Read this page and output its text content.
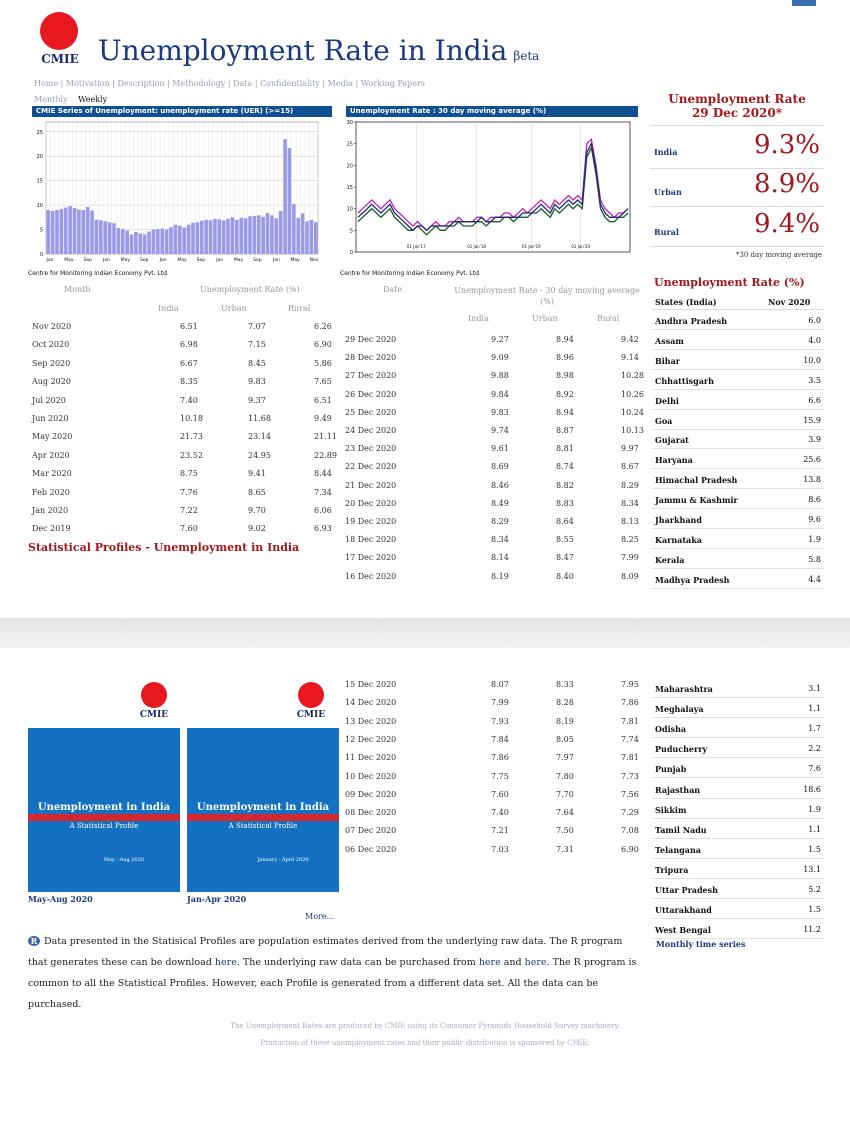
CMIE Unemployment Rate in India βeta
Home | Motivation | Description | Methodology | Data | Confidentiality | Media | Working Papers
Monthly Weekly
CMIE Series of Unemployment: unemployment rate (UER) (>=15)
0
5
10
15
20
25
Jan May Sep Jan May Sep Jan May Sep Jan May Sep Jan May Nov
Centre for Monitoring Indian Economy Pvt. Ltd.
Unemployment Rate : 30 day moving average (%)
0
5
10
15
20
25
30
01 Jan'17	01 Jan'18	01 Jan'19	01 Jan'20
Centre for Monitoring Indian Economy Pvt. Ltd.
Month	Unemployment Rate (%)
India	Urban	Rural
Nov 2020	6.51	7.07	6.26
Oct 2020	6.98	7.15	6.90
Sep 2020	6.67	8.45	5.86
Aug 2020	8.35	9.83	7.65
Jul 2020	7.40	9.37	6.51
Jun 2020	10.18	11.68	9.49
May 2020	21.73	23.14	21.11
Apr 2020	23.52	24.95	22.89
Mar 2020	8.75	9.41	8.44
Feb 2020	7.76	8.65	7.34
Jan 2020	7.22	9.70	6.06
Dec 2019	7.60	9.02	6.93
Statistical Profiles - Unemployment in India
Date	Unemployment Rate - 30 day moving average (%)
India	Urban	Rural
29 Dec 2020	9.27	8.94	9.42
28 Dec 2020	9.09	8.96	9.14
27 Dec 2020	9.88	8.98	10.28
26 Dec 2020	9.84	8.92	10.26
25 Dec 2020	9.83	8.94	10.24
24 Dec 2020	9.74	8.87	10.13
23 Dec 2020	9.61	8.81	9.97
22 Dec 2020	8.69	8.74	8.67
21 Dec 2020	8.46	8.82	8.29
20 Dec 2020	8.49	8.83	8.34
19 Dec 2020	8.29	8.64	8.13
18 Dec 2020	8.34	8.55	8.25
17 Dec 2020	8.14	8.47	7.99
16 Dec 2020	8.19	8.40	8.09
Unemployment Rate
29 Dec 2020*
India	9.3%
Urban	8.9%
Rural	9.4%
*30 day moving average
Unemployment Rate (%)
States (India)	Nov 2020
Andhra Pradesh	6.0
Assam	4.0
Bihar	10.0
Chhattisgarh	3.5
Delhi	6.6
Goa	15.9
Gujarat	3.9
Haryana	25.6
Himachal Pradesh	13.8
Jammu & Kashmir	8.6
Jharkhand	9.6
Karnataka	1.9
Kerala	5.8
Madhya Pradesh	4.4
CMIE
Unemployment in India
A Statistical Profile
May - Aug 2020
May-Aug 2020
CMIE
Unemployment in India
A Statistical Profile
January - April 2020
Jan-Apr 2020
More...
15 Dec 2020	8.07	8.33	7.95
14 Dec 2020	7.99	8.28	7.86
13 Dec 2020	7.93	8.19	7.81
12 Dec 2020	7.84	8.05	7.74
11 Dec 2020	7.86	7.97	7.81
10 Dec 2020	7.75	7.80	7.73
09 Dec 2020	7.60	7.70	7.56
08 Dec 2020	7.40	7.64	7.29
07 Dec 2020	7.21	7.50	7.08
06 Dec 2020	7.03	7.31	6.90
Maharashtra	3.1
Meghalaya	1.1
Odisha	1.7
Puducherry	2.2
Punjab	7.6
Rajasthan	18.6
Sikkim	1.9
Tamil Nadu	1.1
Telangana	1.5
Tripura	13.1
Uttar Pradesh	5.2
Uttarakhand	1.5
West Bengal	11.2
Monthly time series
R Data presented in the Statisical Profiles are population estimates derived from the underlying raw data. The R program that generates these can be download here. The underlying raw data can be purchased from here and here. The R program is common to all the Statistical Profiles. However, each Profile is generated from a different data set. All the data can be purchased.
The Unemployment Rates are produced by CMIE using its Consumer Pyramids Household Survey machinery.
Production of these unemployment rates and their public distribution is sponsored by CMIE.
